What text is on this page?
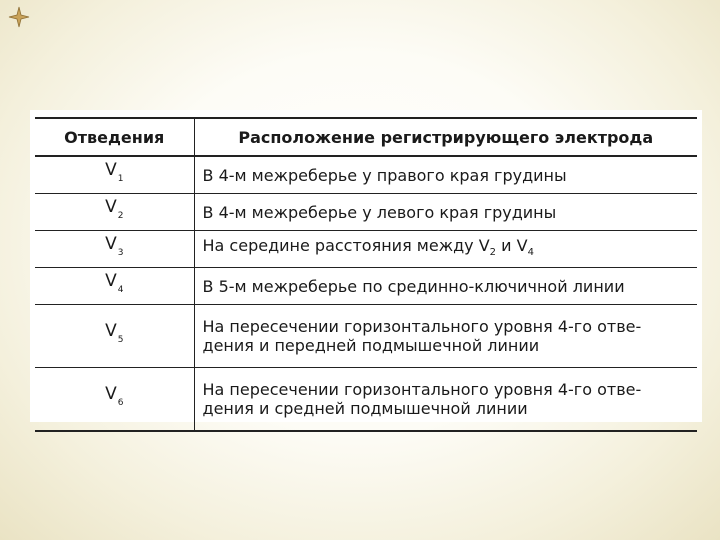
Отведения	Расположение регистрирующего электрода
$V_1$	В 4-м межреберье у правого края грудины
$V_2$	В 4-м межреберье у левого края грудины
$V_3$	На середине расстояния между $V_2$ и $V_4$
$V_4$	В 5-м межреберье по срединно-ключичной линии
$V_5$	На пересечении горизонтального уровня 4-го отве-
дения и передней подмышечной линии
$V_6$	На пересечении горизонтального уровня 4-го отве-
дения и средней подмышечной линии
